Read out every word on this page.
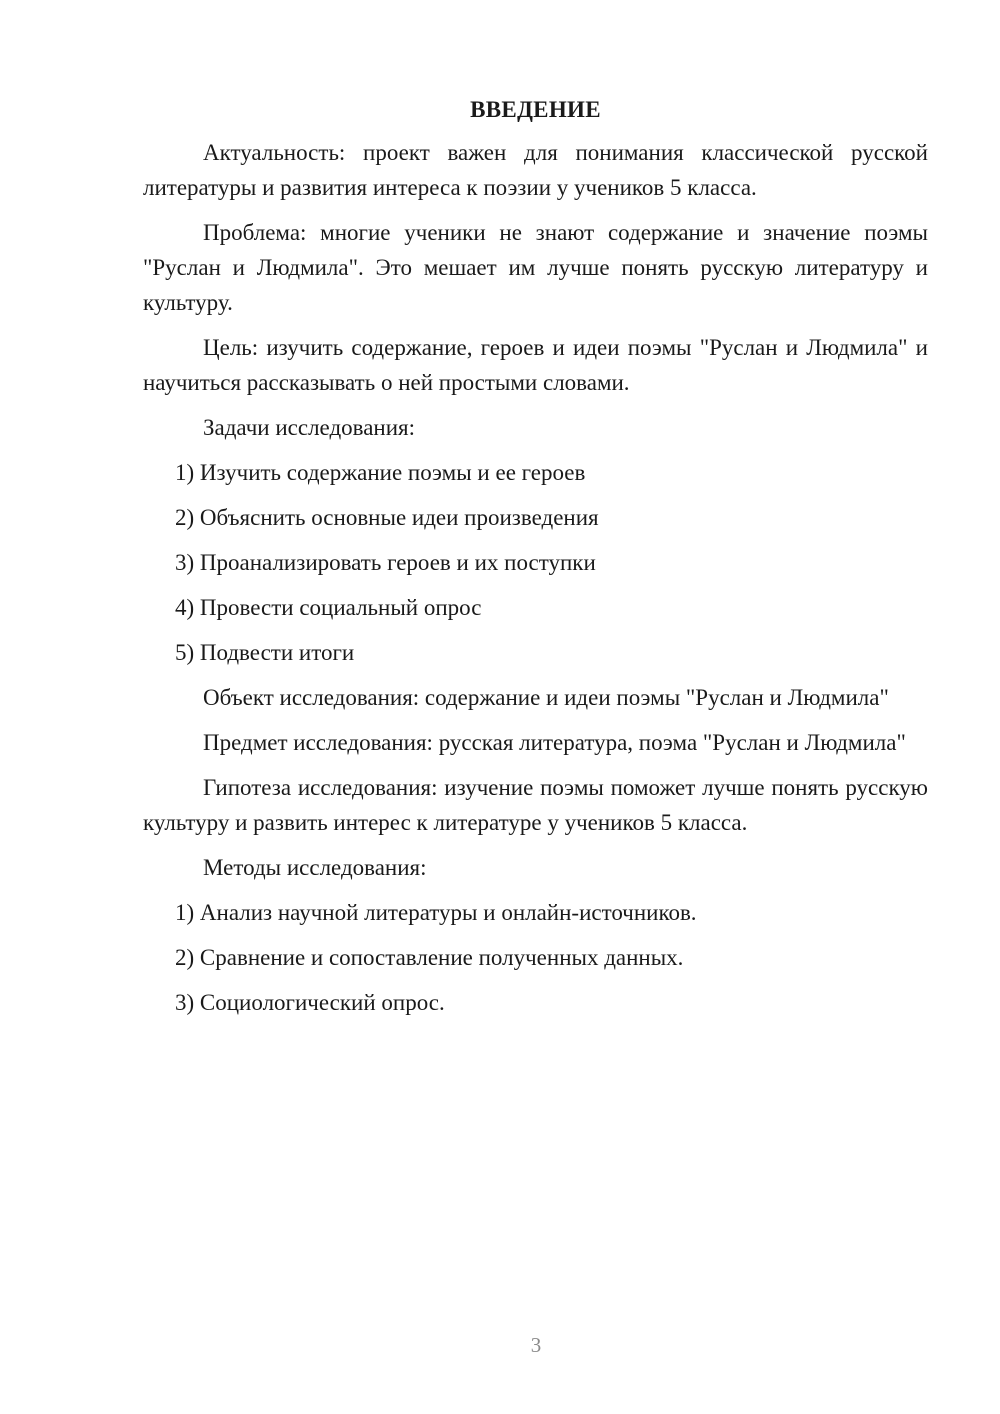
ВВЕДЕНИЕ

Актуальность: проект важен для понимания классической русской литературы и развития интереса к поэзии у учеников 5 класса.

Проблема: многие ученики не знают содержание и значение поэмы "Руслан и Людмила". Это мешает им лучше понять русскую литературу и культуру.

Цель: изучить содержание, героев и идеи поэмы "Руслан и Людмила" и научиться рассказывать о ней простыми словами.

Задачи исследования:

1) Изучить содержание поэмы и ее героев
2) Объяснить основные идеи произведения
3) Проанализировать героев и их поступки
4) Провести социальный опрос
5) Подвести итоги

Объект исследования: содержание и идеи поэмы "Руслан и Людмила"

Предмет исследования: русская литература, поэма "Руслан и Людмила"

Гипотеза исследования: изучение поэмы поможет лучше понять русскую культуру и развить интерес к литературе у учеников 5 класса.

Методы исследования:

1) Анализ научной литературы и онлайн-источников.
2) Сравнение и сопоставление полученных данных.
3) Социологический опрос.
3
